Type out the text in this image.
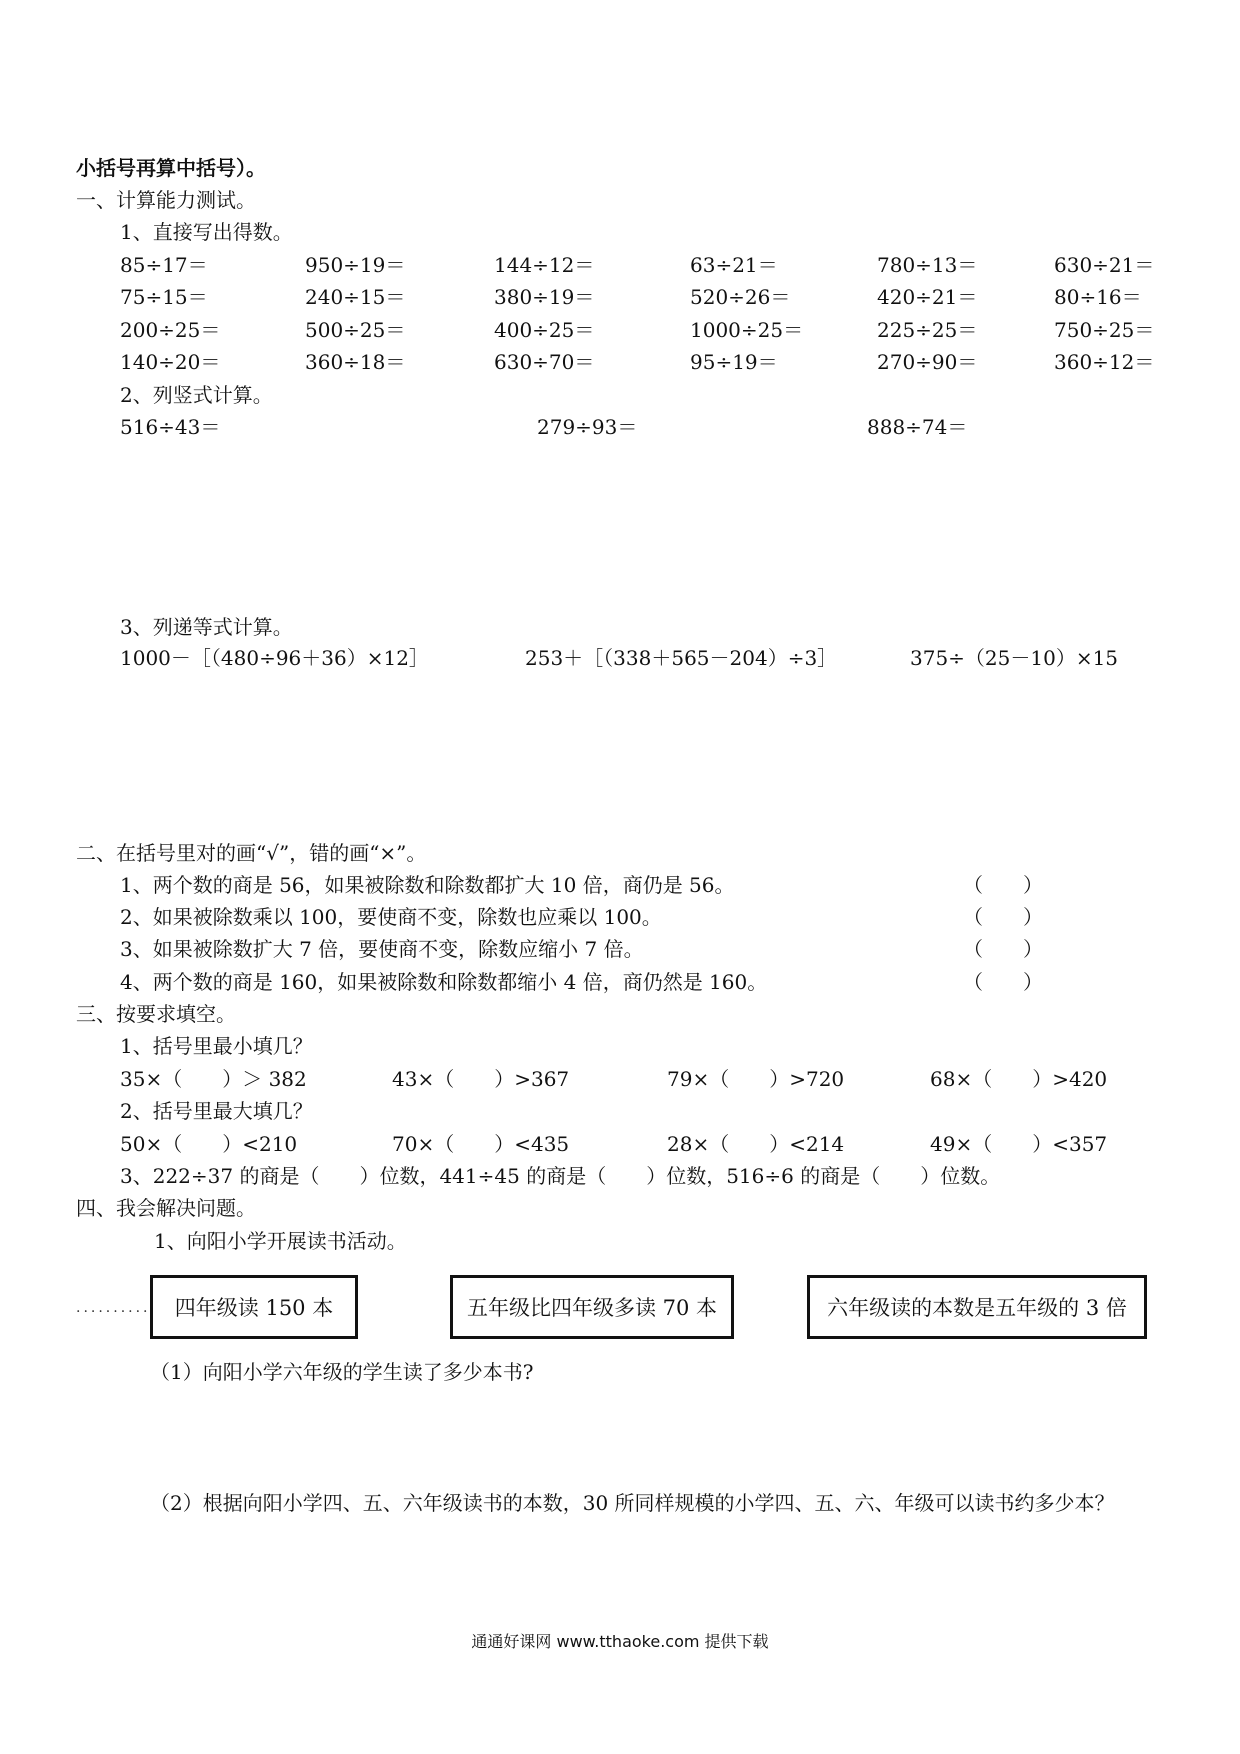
小括号再算中括号）。
一、计算能力测试。
1、直接写出得数。
85÷17＝	950÷19＝	144÷12＝	63÷21＝	780÷13＝	630÷21＝
75÷15＝	240÷15＝	380÷19＝	520÷26＝	420÷21＝	80÷16＝
200÷25＝	500÷25＝	400÷25＝	1000÷25＝	225÷25＝	750÷25＝
140÷20＝	360÷18＝	630÷70＝	95÷19＝	270÷90＝	360÷12＝
2、列竖式计算。
516÷43＝	279÷93＝	888÷74＝
3、列递等式计算。
1000－［（480÷96＋36）×12］	253＋［（338＋565－204）÷3］	375÷（25－10）×15
二、在括号里对的画“√”，错的画“×”。
1、两个数的商是 56，如果被除数和除数都扩大 10 倍，商仍是 56。	（　　）
2、如果被除数乘以 100，要使商不变，除数也应乘以 100。	（　　）
3、如果被除数扩大 7 倍，要使商不变，除数应缩小 7 倍。	（　　）
4、两个数的商是 160，如果被除数和除数都缩小 4 倍，商仍然是 160。	（　　）
三、按要求填空。
1、括号里最小填几？
35×（　　）＞ 382	43×（　　）>367	79×（　　）>720	68×（　　）>420
2、括号里最大填几？
50×（　　）<210	70×（　　）<435	28×（　　）<214	49×（　　）<357
3、222÷37 的商是（　　）位数，441÷45 的商是（　　）位数，516÷6 的商是（　　）位数。
四、我会解决问题。
1、向阳小学开展读书活动。
.......... 四年级读 150 本	五年级比四年级多读 70 本	六年级读的本数是五年级的 3 倍
（1）向阳小学六年级的学生读了多少本书?
（2）根据向阳小学四、五、六年级读书的本数，30 所同样规模的小学四、五、六、年级可以读书约多少本？
通通好课网 www.tthaoke.com 提供下载
